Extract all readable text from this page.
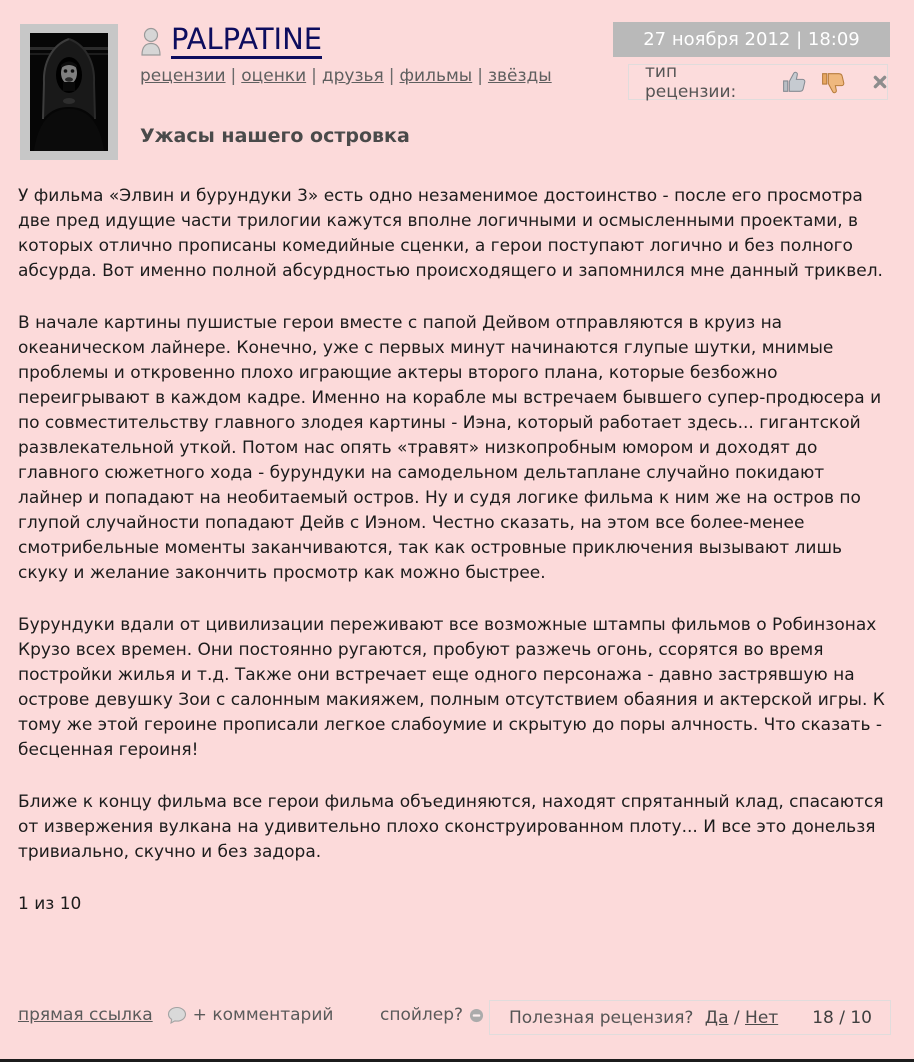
PALPATINE
рецензии | оценки | друзья | фильмы | звёзды
Ужасы нашего островка
27 ноября 2012 | 18:09
тип рецензии:

У фильма «Элвин и бурундуки 3» есть одно незаменимое достоинство - после его просмотра две пред идущие части трилогии кажутся вполне логичными и осмысленными проектами, в которых отлично прописаны комедийные сценки, а герои поступают логично и без полного абсурда. Вот именно полной абсурдностью происходящего и запомнился мне данный триквел.

В начале картины пушистые герои вместе с папой Дейвом отправляются в круиз на океаническом лайнере. Конечно, уже с первых минут начинаются глупые шутки, мнимые проблемы и откровенно плохо играющие актеры второго плана, которые безбожно переигрывают в каждом кадре. Именно на корабле мы встречаем бывшего супер-продюсера и по совместительству главного злодея картины - Иэна, который работает здесь... гигантской развлекательной уткой. Потом нас опять «травят» низкопробным юмором и доходят до главного сюжетного хода - бурундуки на самодельном дельтаплане случайно покидают лайнер и попадают на необитаемый остров. Ну и судя логике фильма к ним же на остров по глупой случайности попадают Дейв с Иэном. Честно сказать, на этом все более-менее смотрибельные моменты заканчиваются, так как островные приключения вызывают лишь скуку и желание закончить просмотр как можно быстрее.

Бурундуки вдали от цивилизации переживают все возможные штампы фильмов о Робинзонах Крузо всех времен. Они постоянно ругаются, пробуют разжечь огонь, ссорятся во время постройки жилья и т.д. Также они встречает еще одного персонажа - давно застрявшую на острове девушку Зои с салонным макияжем, полным отсутствием обаяния и актерской игры. К тому же этой героине прописали легкое слабоумие и скрытую до поры алчность. Что сказать - бесценная героиня!

Ближе к концу фильма все герои фильма объединяются, находят спрятанный клад, спасаются от извержения вулкана на удивительно плохо сконструированном плоту... И все это донельзя тривиально, скучно и без задора.

1 из 10
прямая ссылка + комментарий	спойлер?	Полезная рецензия? Да / Нет 18 / 10
